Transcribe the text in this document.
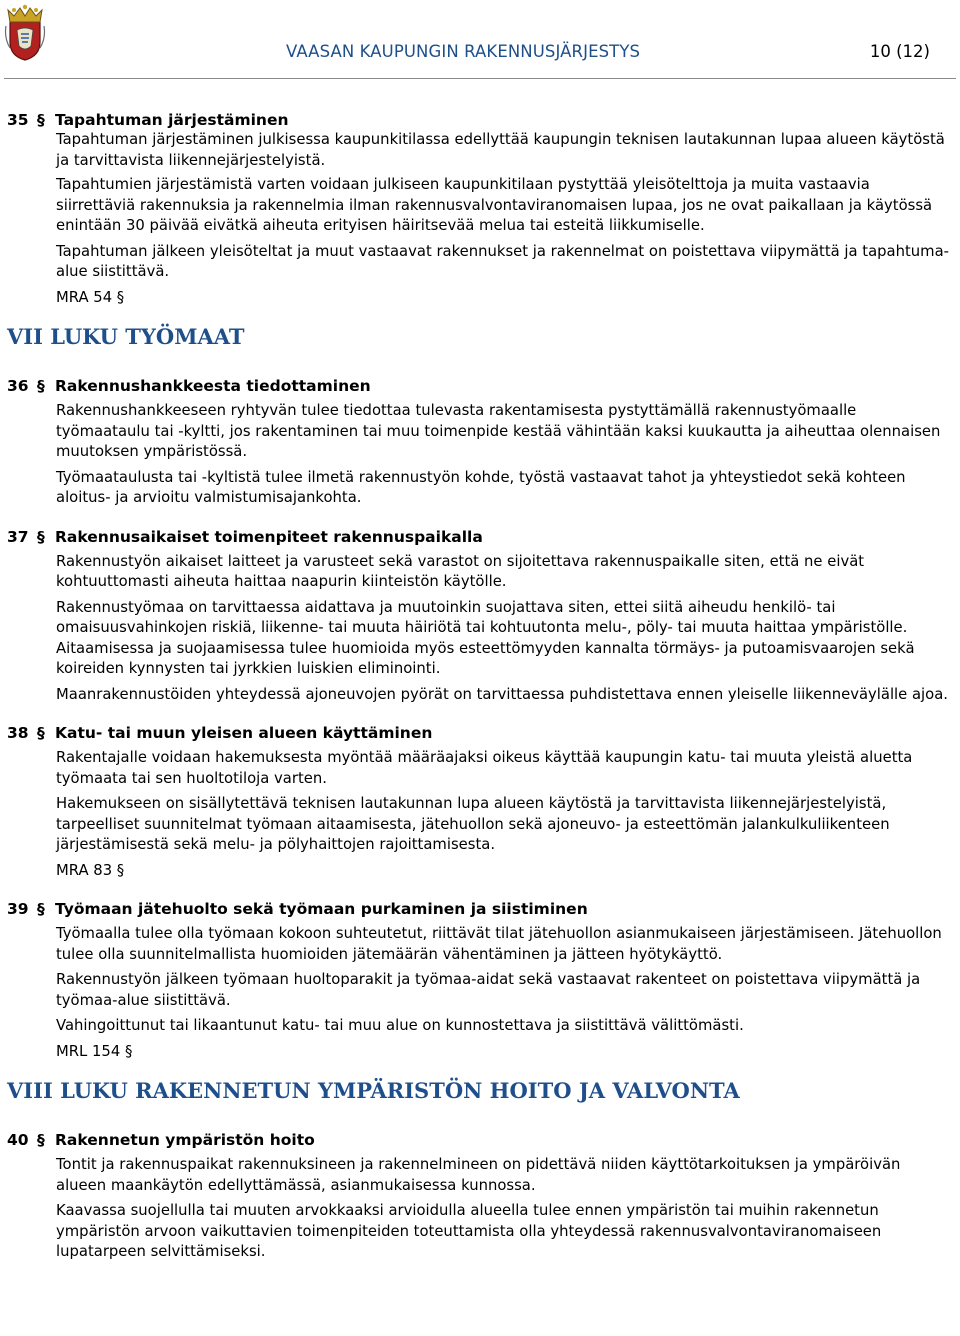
VAASAN KAUPUNGIN RAKENNUSJÄRJESTYS	10 (12)
35 § Tapahtuman järjestäminen
Tapahtuman järjestäminen julkisessa kaupunkitilassa edellyttää kaupungin teknisen lautakunnan lupaa alueen käytöstä ja tarvittavista liikennejärjestelyistä.
Tapahtumien järjestämistä varten voidaan julkiseen kaupunkitilaan pystyttää yleisötelttoja ja muita vastaavia siirrettäviä rakennuksia ja rakennelmia ilman rakennusvalvontaviranomaisen lupaa, jos ne ovat paikallaan ja käytössä enintään 30 päivää eivätkä aiheuta erityisen häiritsevää melua tai esteitä liikkumiselle.
Tapahtuman jälkeen yleisöteltat ja muut vastaavat rakennukset ja rakennelmat on poistettava viipymättä ja tapahtuma-alue siistittävä.
MRA 54 §
VII LUKU TYÖMAAT
36 § Rakennushankkeesta tiedottaminen
Rakennushankkeeseen ryhtyvän tulee tiedottaa tulevasta rakentamisesta pystyttämällä rakennustyömaalle työmaataulu tai -kyltti, jos rakentaminen tai muu toimenpide kestää vähintään kaksi kuukautta ja aiheuttaa olennaisen muutoksen ympäristössä.
Työmaataulusta tai -kyltistä tulee ilmetä rakennustyön kohde, työstä vastaavat tahot ja yhteystiedot sekä kohteen aloitus- ja arvioitu valmistumisajankohta.
37 § Rakennusaikaiset toimenpiteet rakennuspaikalla
Rakennustyön aikaiset laitteet ja varusteet sekä varastot on sijoitettava rakennuspaikalle siten, että ne eivät kohtuuttomasti aiheuta haittaa naapurin kiinteistön käytölle.
Rakennustyömaa on tarvittaessa aidattava ja muutoinkin suojattava siten, ettei siitä aiheudu henkilö- tai omaisuusvahinkojen riskiä, liikenne- tai muuta häiriötä tai kohtuutonta melu-, pöly- tai muuta haittaa ympäristölle. Aitaamisessa ja suojaamisessa tulee huomioida myös esteettömyyden kannalta törmäys- ja putoamisvaarojen sekä koireiden kynnysten tai jyrkkien luiskien eliminointi.
Maanrakennustöiden yhteydessä ajoneuvojen pyörät on tarvittaessa puhdistettava ennen yleiselle liikenneväylälle ajoa.
38 § Katu- tai muun yleisen alueen käyttäminen
Rakentajalle voidaan hakemuksesta myöntää määräajaksi oikeus käyttää kaupungin katu- tai muuta yleistä aluetta työmaata tai sen huoltotiloja varten.
Hakemukseen on sisällytettävä teknisen lautakunnan lupa alueen käytöstä ja tarvittavista liikennejärjestelyistä, tarpeelliset suunnitelmat työmaan aitaamisesta, jätehuollon sekä ajoneuvo- ja esteettömän jalankulkuliikenteen järjestämisestä sekä melu- ja pölyhaittojen rajoittamisesta.
MRA 83 §
39 § Työmaan jätehuolto sekä työmaan purkaminen ja siistiminen
Työmaalla tulee olla työmaan kokoon suhteutetut, riittävät tilat jätehuollon asianmukaiseen järjestämiseen. Jätehuollon tulee olla suunnitelmallista huomioiden jätemäärän vähentäminen ja jätteen hyötykäyttö.
Rakennustyön jälkeen työmaan huoltoparakit ja työmaa-aidat sekä vastaavat rakenteet on poistettava viipymättä ja työmaa-alue siistittävä.
Vahingoittunut tai likaantunut katu- tai muu alue on kunnostettava ja siistittävä välittömästi.
MRL 154 §
VIII LUKU RAKENNETUN YMPÄRISTÖN HOITO JA VALVONTA
40 § Rakennetun ympäristön hoito
Tontit ja rakennuspaikat rakennuksineen ja rakennelmineen on pidettävä niiden käyttötarkoituksen ja ympäröivän alueen maankäytön edellyttämässä, asianmukaisessa kunnossa.
Kaavassa suojellulla tai muuten arvokkaaksi arvioidulla alueella tulee ennen ympäristön tai muihin rakennetun ympäristön arvoon vaikuttavien toimenpiteiden toteuttamista olla yhteydessä rakennusvalvontaviranomaiseen lupatarpeen selvittämiseksi.
